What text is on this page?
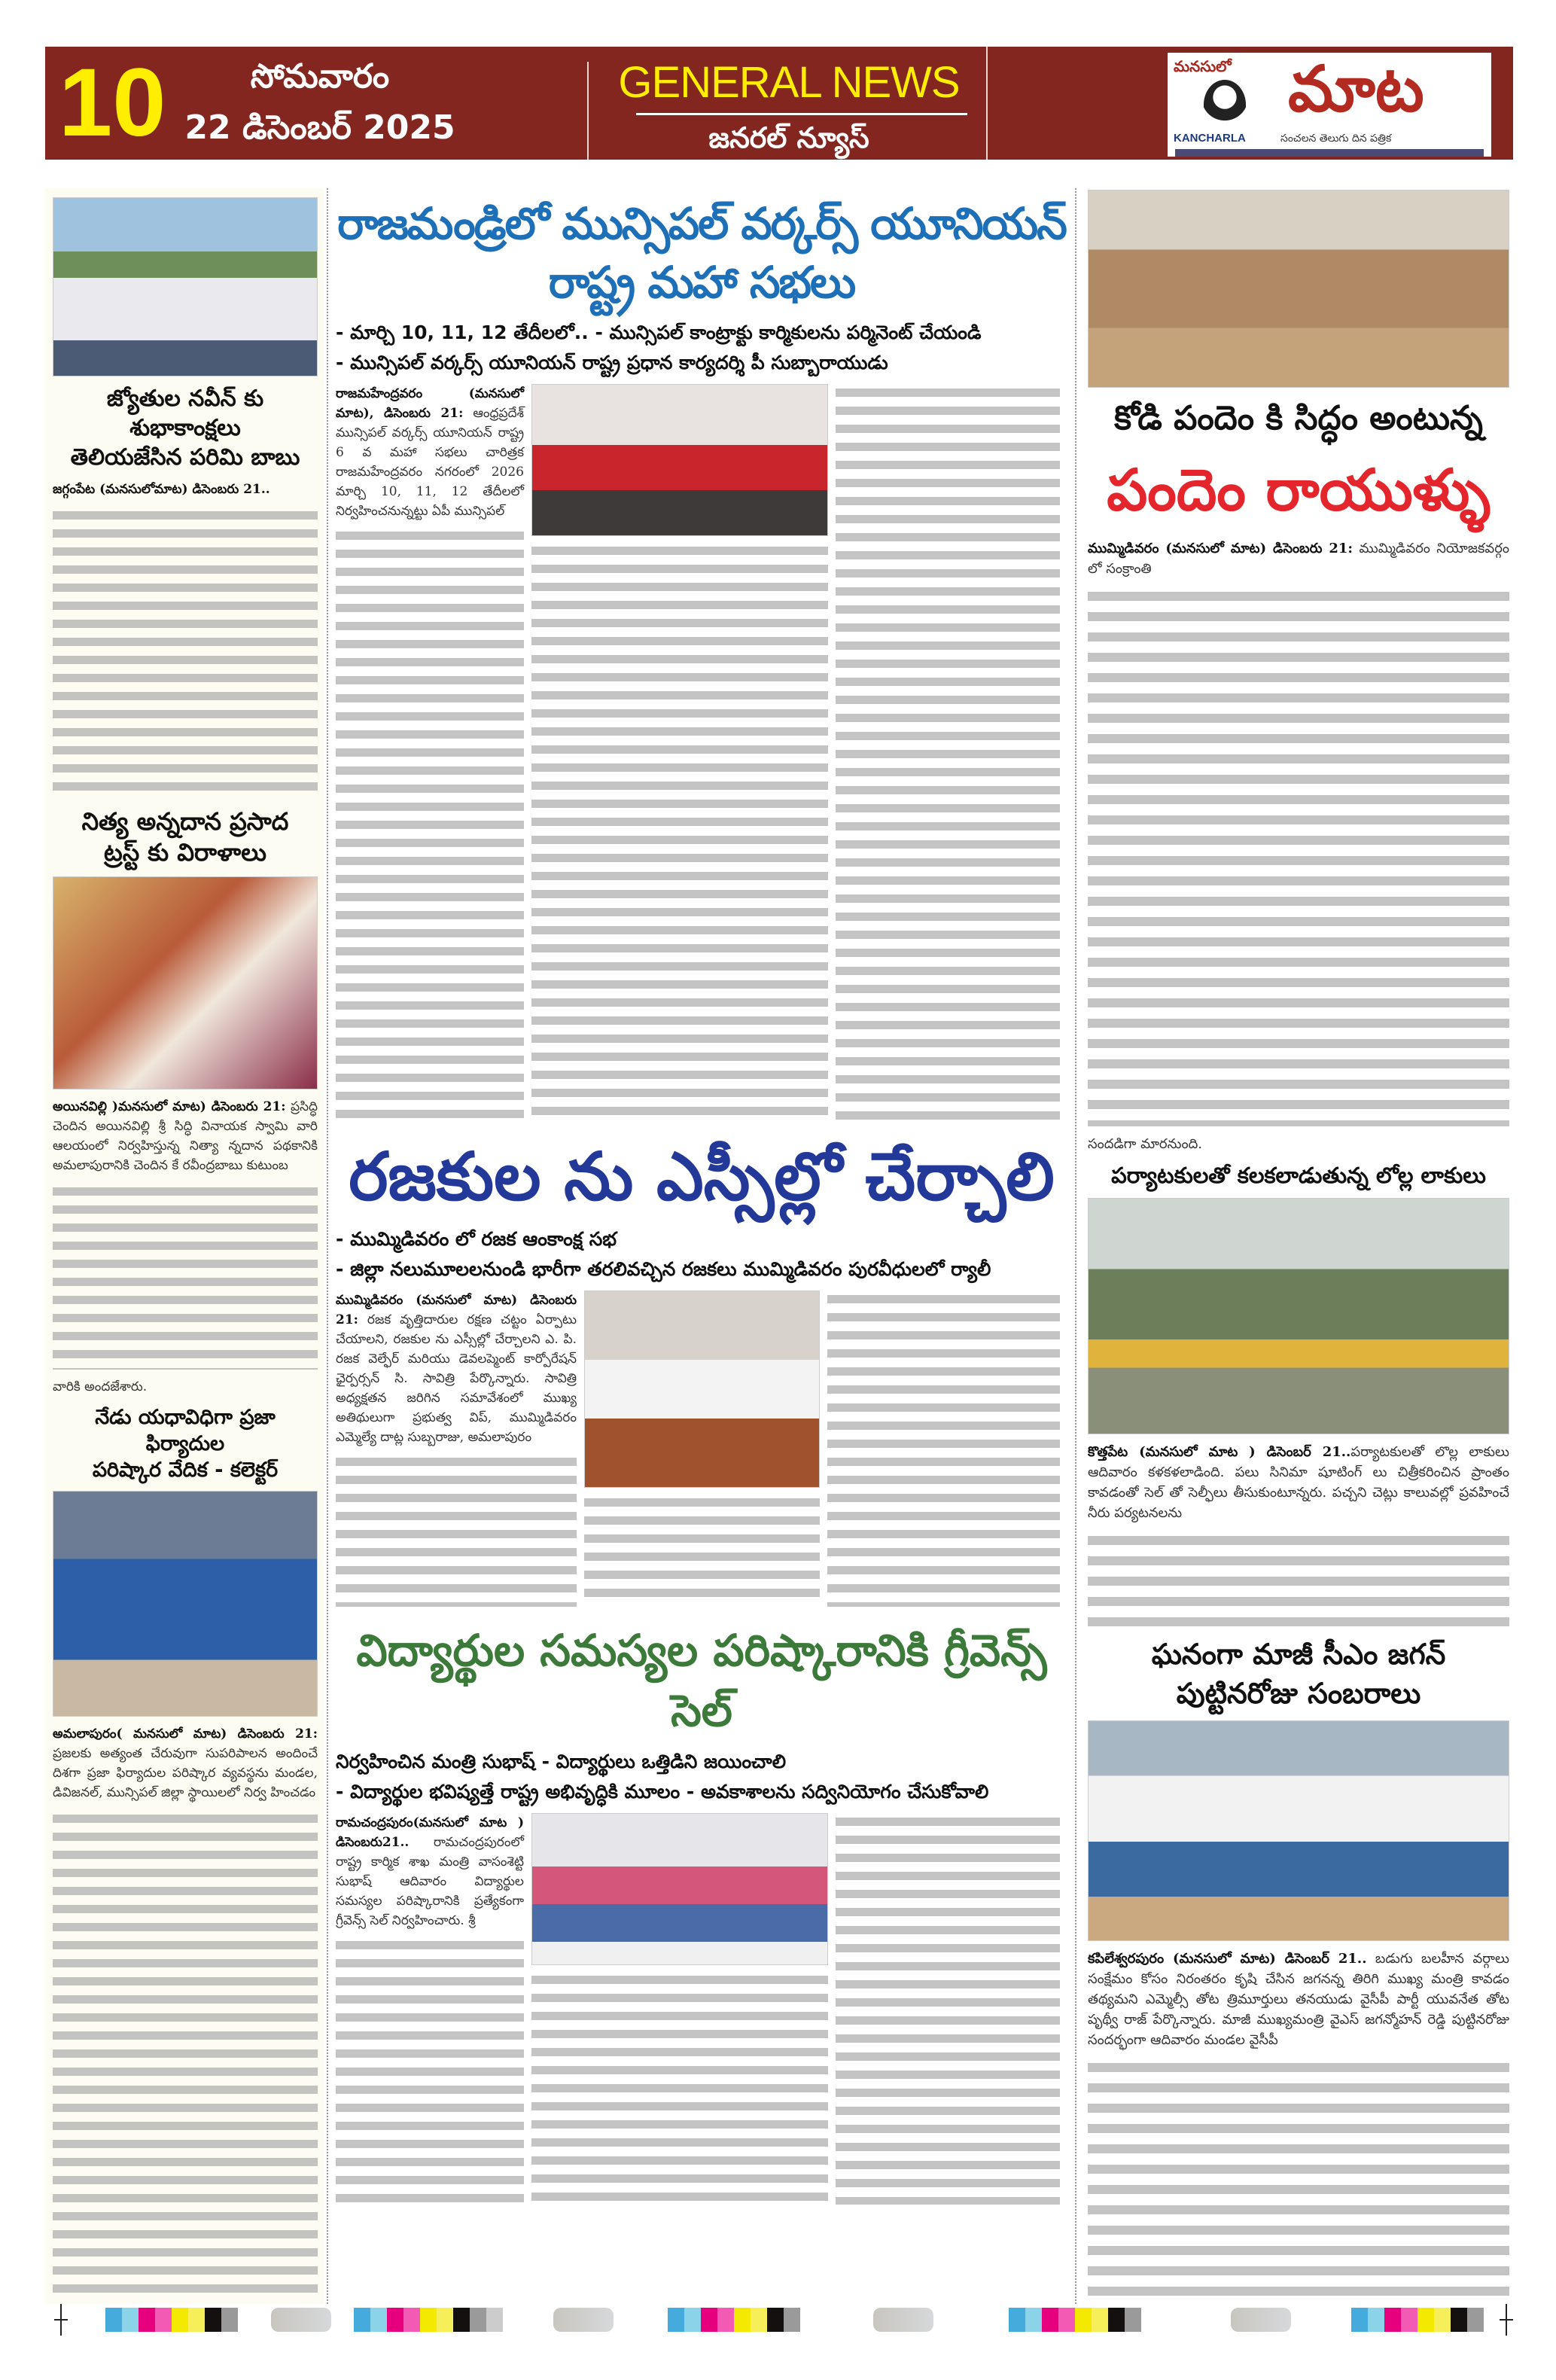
10	సోమవారం
22 డిసెంబర్ 2025
GENERAL NEWS
జనరల్ న్యూస్
మనసులో మాట
KANCHARLA	సంచలన తెలుగు దిన పత్రిక
జ్యోతుల నవీన్ కు శుభాకాంక్షలు
తెలియజేసిన పరిమి బాబు
జగ్గంపేట (మనసులోమాట) డిసెంబరు 21..
నిత్య అన్నదాన ప్రసాద
ట్రస్ట్ కు విరాళాలు
అయినవిల్లి )మనసులో మాట) డిసెంబరు 21: ప్రసిద్ధి చెందిన అయినవిల్లి శ్రీ సిద్ధి వినాయక స్వామి వారి ఆలయంలో నిర్వహిస్తున్న నిత్యా న్నదాన పథకానికి అమలాపురానికి చెందిన కే రవీంద్రబాబు కుటుంబ
వారికి అందజేశారు.
నేడు యధావిధిగా ప్రజా ఫిర్యాదుల
పరిష్కార వేదిక - కలెక్టర్
అమలాపురం( మనసులో మాట) డిసెంబరు 21: ప్రజలకు అత్యంత చేరువుగా సుపరిపాలన అందించే దిశగా ప్రజా ఫిర్యాదుల పరిష్కార వ్యవస్థను మండల, డివిజనల్, మున్సిపల్ జిల్లా స్థాయిలలో నిర్వ హించడం
రాజమండ్రిలో మున్సిపల్ వర్కర్స్ యూనియన్ రాష్ట్ర మహా సభలు
- మార్చి 10, 11, 12 తేదీలలో.. - మున్సిపల్ కాంట్రాక్టు కార్మికులను పర్మినెంట్ చేయండి
- మున్సిపల్ వర్కర్స్ యూనియన్ రాష్ట్ర ప్రధాన కార్యదర్శి పీ సుబ్బారాయుడు
రాజమహేంద్రవరం (మనసులో మాట), డిసెంబరు 21: ఆంధ్రప్రదేశ్ మున్సిపల్ వర్కర్స్ యూనియన్ రాష్ట్ర 6 వ మహా సభలు చారిత్రక రాజమహేంద్రవరం నగరంలో 2026 మార్చి 10, 11, 12 తేదీలలో నిర్వహించనున్నట్టు ఏపీ మున్సిపల్
రజకుల ను ఎస్సీల్లో చేర్చాలి
- ముమ్మిడివరం లో రజక ఆంకాంక్ష సభ
- జిల్లా నలుమూలలనుండి భారీగా తరలివచ్చిన రజకలు ముమ్మిడివరం పురవీధులలో ర్యాలీ
ముమ్మిడివరం (మనసులో మాట) డిసెంబరు 21: రజక వృత్తిదారుల రక్షణ చట్టం ఏర్పాటు చేయాలని, రజకుల ను ఎస్సీల్లో చేర్చాలని ఎ. పి. రజక వెల్ఫేర్ మరియు డెవలప్మెంట్ కార్పోరేషన్ ఛైర్పర్సన్ సి. సావిత్రి పేర్కొన్నారు. సావిత్రి అధ్యక్షతన జరిగిన సమావేశంలో ముఖ్య అతిథులుగా ప్రభుత్వ విప్, ముమ్మిడివరం ఎమ్మెల్యే దాట్ల సుబ్బరాజు, అమలాపురం
విద్యార్థుల సమస్యల పరిష్కారానికి గ్రీవెన్స్ సెల్
నిర్వహించిన మంత్రి సుభాష్ - విద్యార్థులు ఒత్తిడిని జయించాలి
- విద్యార్థుల భవిష్యత్తే రాష్ట్ర అభివృద్ధికి మూలం - అవకాశాలను సద్వినియోగం చేసుకోవాలి
రామచంద్రపురం(మనసులో మాట ) డిసెంబరు21.. రామచంద్రపురంలో రాష్ట్ర కార్మిక శాఖ మంత్రి వాసంశెట్టి సుభాష్ ఆదివారం విద్యార్థుల సమస్యల పరిష్కారానికి ప్రత్యేకంగా గ్రీవెన్స్ సెల్ నిర్వహించారు. శ్రీ
కోడి పందెం కి సిద్ధం అంటున్న
పందెం రాయుళ్ళు
ముమ్మిడివరం (మనసులో మాట) డిసెంబరు 21: ముమ్మిడివరం నియోజకవర్గం లో సంక్రాంతి
సందడిగా మారనుంది.
పర్యాటకులతో కలకలాడుతున్న లోల్ల లాకులు
కొత్తపేట (మనసులో మాట ) డిసెంబర్ 21..పర్యాటకులతో లొల్ల లాకులు ఆదివారం కళకళలాడింది. పలు సినిమా షూటింగ్ లు చిత్రీకరించిన ప్రాంతం కావడంతో సెల్ తో సెల్ఫీలు తీసుకుంటూన్నరు. పచ్చని చెట్లు కాలువల్లో ప్రవహించే నీరు పర్యటనలను
ఘనంగా మాజీ సీఎం జగన్
పుట్టినరోజు సంబరాలు
కపిలేశ్వరపురం (మనసులో మాట) డిసెంబర్ 21.. బడుగు బలహీన వర్గాలు సంక్షేమం కోసం నిరంతరం కృషి చేసిన జగనన్న తిరిగి ముఖ్య మంత్రి కావడం తథ్యమని ఎమ్మెల్సీ తోట త్రిమూర్తులు తనయుడు వైసీపీ పార్టీ యువనేత తోట పృథ్వీ రాజ్ పేర్కొన్నారు. మాజీ ముఖ్యమంత్రి వైఎస్ జగన్మోహన్ రెడ్డి పుట్టినరోజు సందర్భంగా ఆదివారం మండల వైసీపీ
